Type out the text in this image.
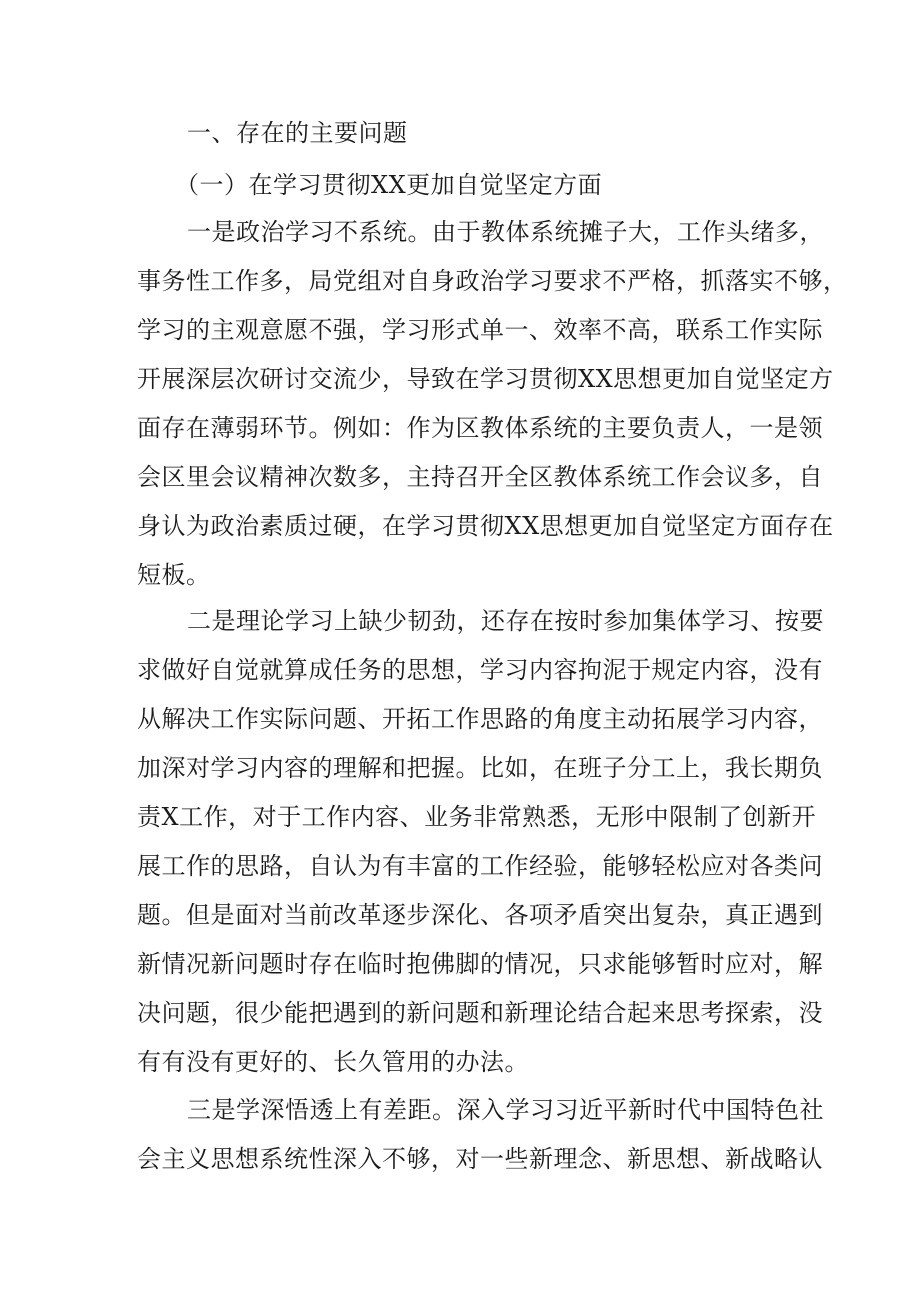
一、存在的主要问题
（一）在学习贯彻XX更加自觉坚定方面
一是政治学习不系统。由于教体系统摊子大，工作头绪多，
事务性工作多，局党组对自身政治学习要求不严格，抓落实不够，
学习的主观意愿不强，学习形式单一、效率不高，联系工作实际
开展深层次研讨交流少，导致在学习贯彻XX思想更加自觉坚定方
面存在薄弱环节。例如：作为区教体系统的主要负责人，一是领
会区里会议精神次数多，主持召开全区教体系统工作会议多，自
身认为政治素质过硬，在学习贯彻XX思想更加自觉坚定方面存在
短板。
二是理论学习上缺少韧劲，还存在按时参加集体学习、按要
求做好自觉就算成任务的思想，学习内容拘泥于规定内容，没有
从解决工作实际问题、开拓工作思路的角度主动拓展学习内容，
加深对学习内容的理解和把握。比如，在班子分工上，我长期负
责X工作，对于工作内容、业务非常熟悉，无形中限制了创新开
展工作的思路，自认为有丰富的工作经验，能够轻松应对各类问
题。但是面对当前改革逐步深化、各项矛盾突出复杂，真正遇到
新情况新问题时存在临时抱佛脚的情况，只求能够暂时应对，解
决问题，很少能把遇到的新问题和新理论结合起来思考探索，没
有有没有更好的、长久管用的办法。
三是学深悟透上有差距。深入学习习近平新时代中国特色社
会主义思想系统性深入不够，对一些新理念、新思想、新战略认
